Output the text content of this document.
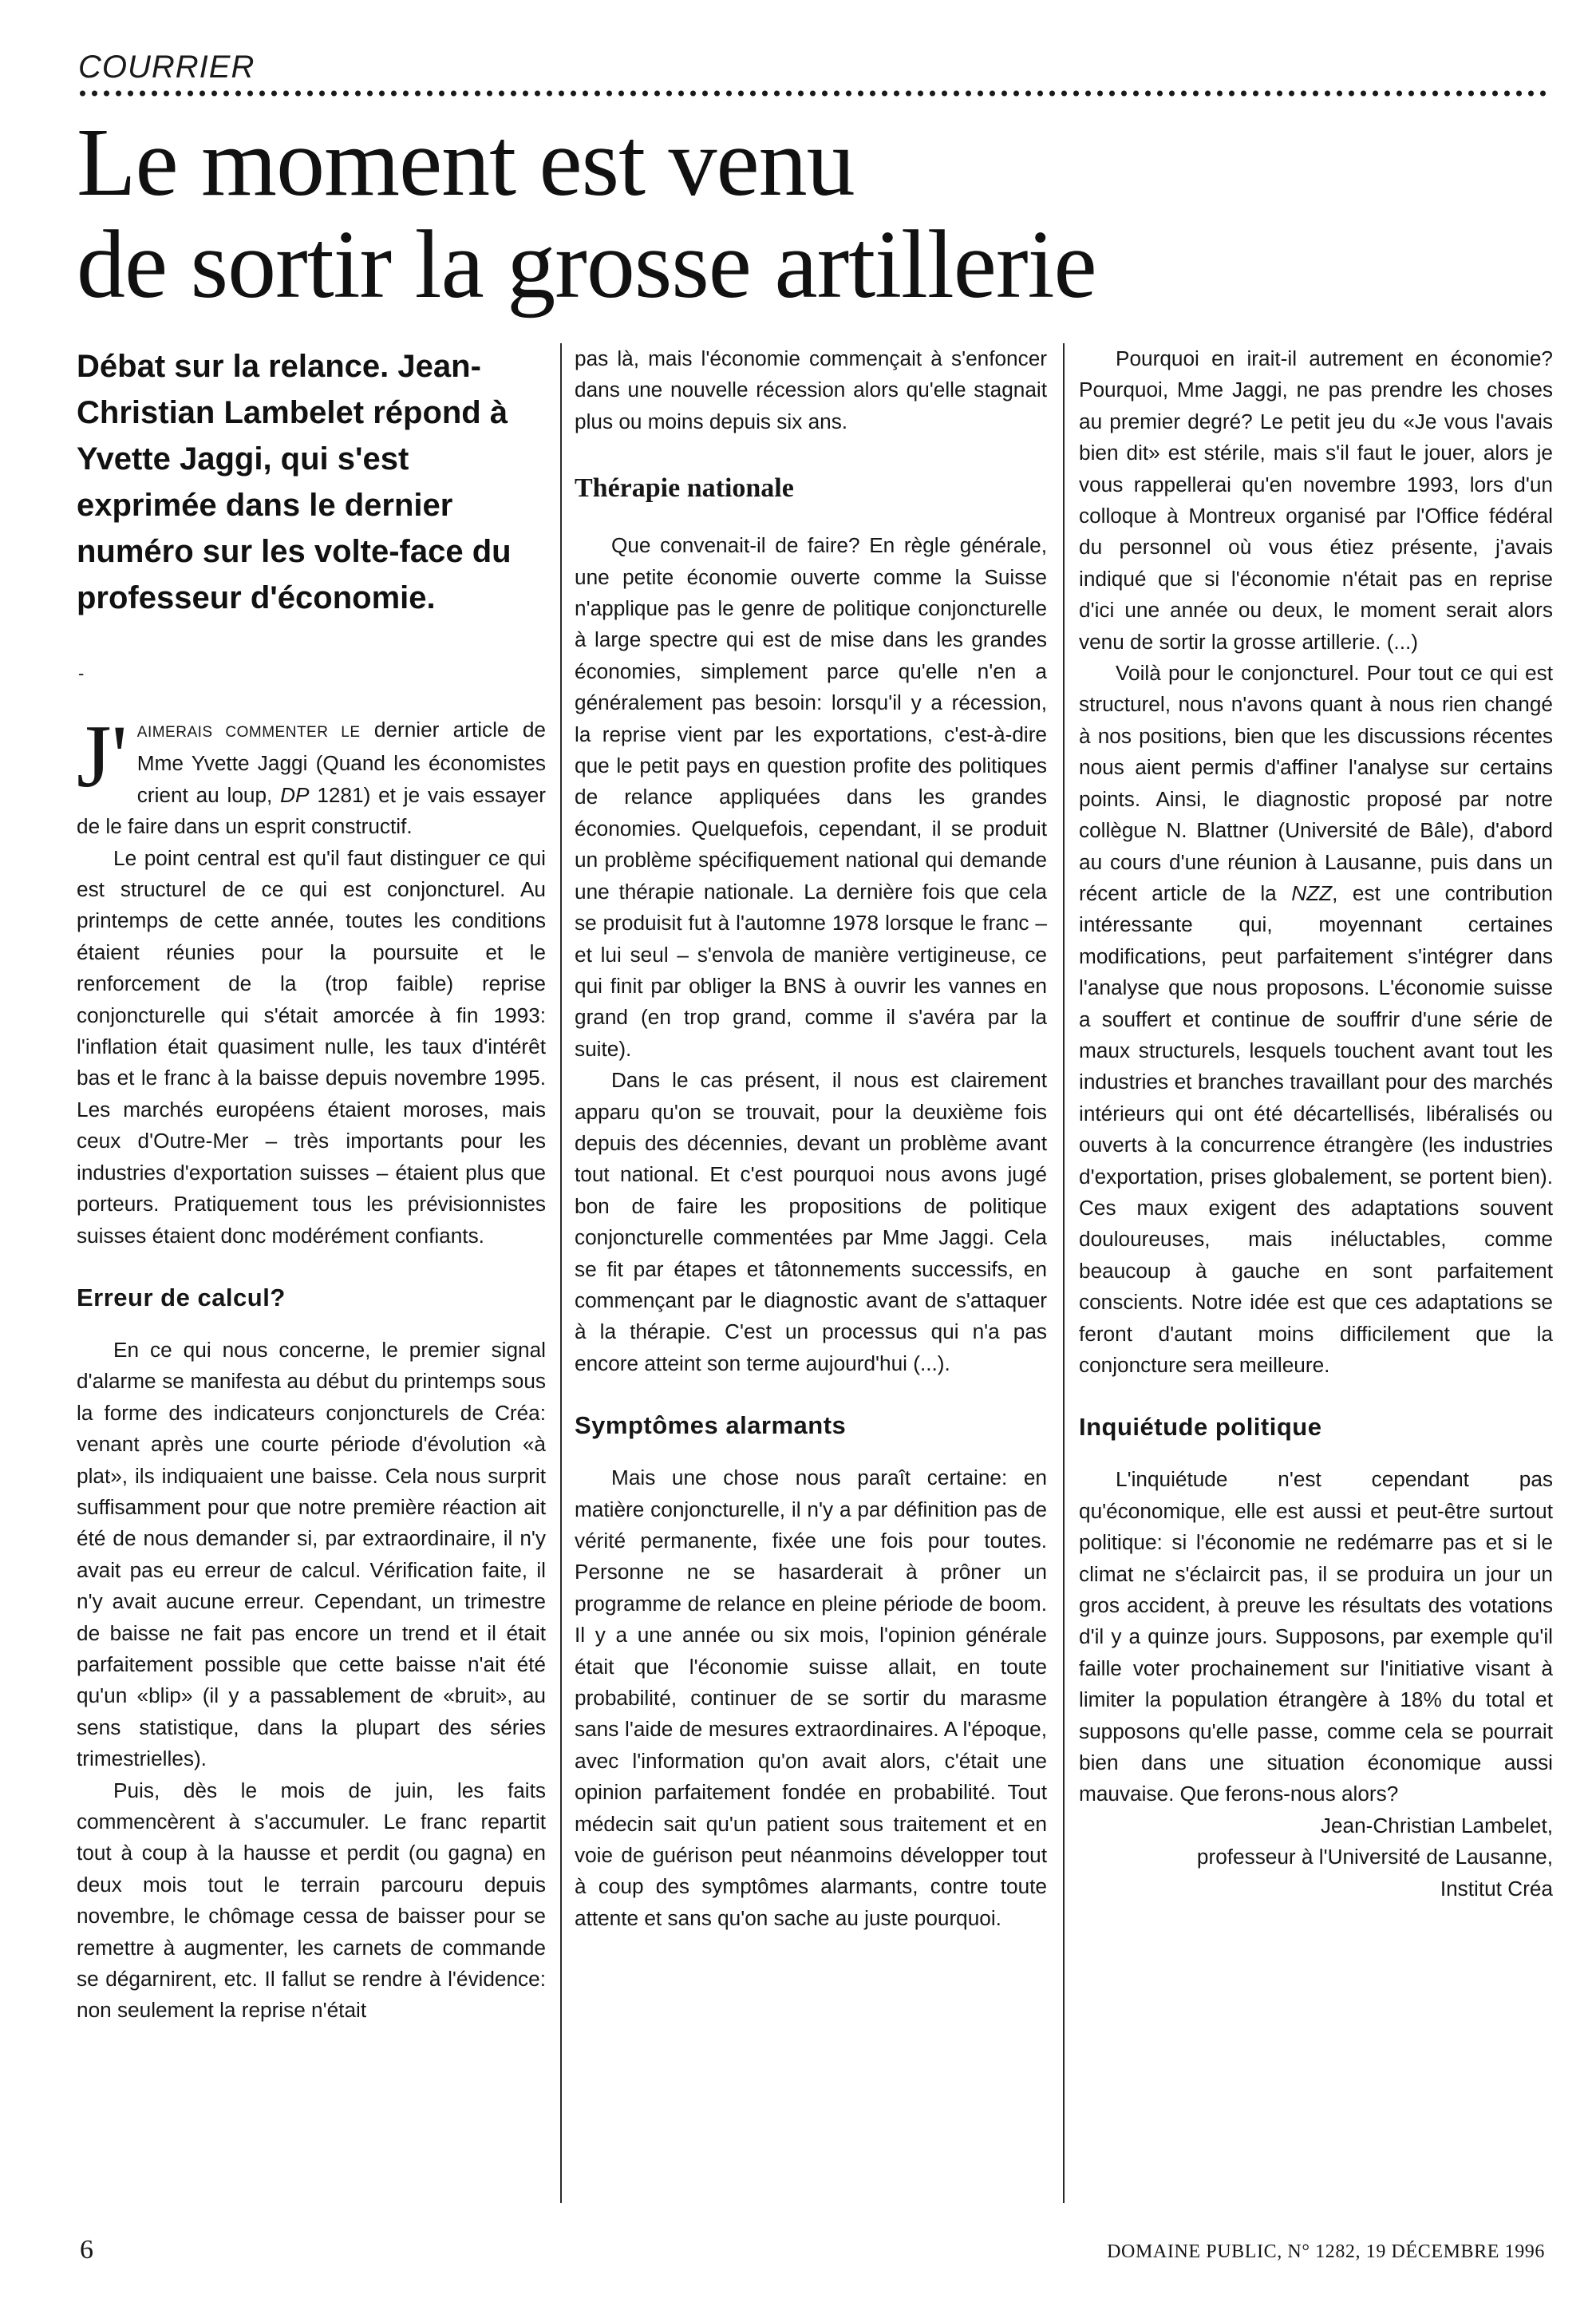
COURRIER
Le moment est venu
de sortir la grosse artillerie

Débat sur la relance. Jean-Christian Lambelet répond à Yvette Jaggi, qui s'est exprimée dans le dernier numéro sur les volte-face du professeur d'économie.

-

J' AIMERAIS COMMENTER LE dernier article de Mme Yvette Jaggi (Quand les économistes crient au loup, DP 1281) et je vais essayer de le faire dans un esprit constructif.

Le point central est qu'il faut distinguer ce qui est structurel de ce qui est conjoncturel. Au printemps de cette année, toutes les conditions étaient réunies pour la poursuite et le renforcement de la (trop faible) reprise conjoncturelle qui s'était amorcée à fin 1993: l'inflation était quasiment nulle, les taux d'intérêt bas et le franc à la baisse depuis novembre 1995. Les marchés européens étaient moroses, mais ceux d'Outre-Mer – très importants pour les industries d'exportation suisses – étaient plus que porteurs. Pratiquement tous les prévisionnistes suisses étaient donc modérément confiants.

Erreur de calcul?

En ce qui nous concerne, le premier signal d'alarme se manifesta au début du printemps sous la forme des indicateurs conjoncturels de Créa: venant après une courte période d'évolution «à plat», ils indiquaient une baisse. Cela nous surprit suffisamment pour que notre première réaction ait été de nous demander si, par extraordinaire, il n'y avait pas eu erreur de calcul. Vérification faite, il n'y avait aucune erreur. Cependant, un trimestre de baisse ne fait pas encore un trend et il était parfaitement possible que cette baisse n'ait été qu'un «blip» (il y a passablement de «bruit», au sens statistique, dans la plupart des séries trimestrielles).

Puis, dès le mois de juin, les faits commencèrent à s'accumuler. Le franc repartit tout à coup à la hausse et perdit (ou gagna) en deux mois tout le terrain parcouru depuis novembre, le chômage cessa de baisser pour se remettre à augmenter, les carnets de commande se dégarnirent, etc. Il fallut se rendre à l'évidence: non seulement la reprise n'était

pas là, mais l'économie commençait à s'enfoncer dans une nouvelle récession alors qu'elle stagnait plus ou moins depuis six ans.

Thérapie nationale

Que convenait-il de faire? En règle générale, une petite économie ouverte comme la Suisse n'applique pas le genre de politique conjoncturelle à large spectre qui est de mise dans les grandes économies, simplement parce qu'elle n'en a généralement pas besoin: lorsqu'il y a récession, la reprise vient par les exportations, c'est-à-dire que le petit pays en question profite des politiques de relance appliquées dans les grandes économies. Quelquefois, cependant, il se produit un problème spécifiquement national qui demande une thérapie nationale. La dernière fois que cela se produisit fut à l'automne 1978 lorsque le franc – et lui seul – s'envola de manière vertigineuse, ce qui finit par obliger la BNS à ouvrir les vannes en grand (en trop grand, comme il s'avéra par la suite).

Dans le cas présent, il nous est clairement apparu qu'on se trouvait, pour la deuxième fois depuis des décennies, devant un problème avant tout national. Et c'est pourquoi nous avons jugé bon de faire les propositions de politique conjoncturelle commentées par Mme Jaggi. Cela se fit par étapes et tâtonnements successifs, en commençant par le diagnostic avant de s'attaquer à la thérapie. C'est un processus qui n'a pas encore atteint son terme aujourd'hui (...).

Symptômes alarmants

Mais une chose nous paraît certaine: en matière conjoncturelle, il n'y a par définition pas de vérité permanente, fixée une fois pour toutes. Personne ne se hasarderait à prôner un programme de relance en pleine période de boom. Il y a une année ou six mois, l'opinion générale était que l'économie suisse allait, en toute probabilité, continuer de se sortir du marasme sans l'aide de mesures extraordinaires. A l'époque, avec l'information qu'on avait alors, c'était une opinion parfaitement fondée en probabilité. Tout médecin sait qu'un patient sous traitement et en voie de guérison peut néanmoins développer tout à coup des symptômes alarmants, contre toute attente et sans qu'on sache au juste pourquoi.

Pourquoi en irait-il autrement en économie? Pourquoi, Mme Jaggi, ne pas prendre les choses au premier degré? Le petit jeu du «Je vous l'avais bien dit» est stérile, mais s'il faut le jouer, alors je vous rappellerai qu'en novembre 1993, lors d'un colloque à Montreux organisé par l'Office fédéral du personnel où vous étiez présente, j'avais indiqué que si l'économie n'était pas en reprise d'ici une année ou deux, le moment serait alors venu de sortir la grosse artillerie. (...)

Voilà pour le conjoncturel. Pour tout ce qui est structurel, nous n'avons quant à nous rien changé à nos positions, bien que les discussions récentes nous aient permis d'affiner l'analyse sur certains points. Ainsi, le diagnostic proposé par notre collègue N. Blattner (Université de Bâle), d'abord au cours d'une réunion à Lausanne, puis dans un récent article de la NZZ, est une contribution intéressante qui, moyennant certaines modifications, peut parfaitement s'intégrer dans l'analyse que nous proposons. L'économie suisse a souffert et continue de souffrir d'une série de maux structurels, lesquels touchent avant tout les industries et branches travaillant pour des marchés intérieurs qui ont été décartellisés, libéralisés ou ouverts à la concurrence étrangère (les industries d'exportation, prises globalement, se portent bien). Ces maux exigent des adaptations souvent douloureuses, mais inéluctables, comme beaucoup à gauche en sont parfaitement conscients. Notre idée est que ces adaptations se feront d'autant moins difficilement que la conjoncture sera meilleure.

Inquiétude politique

L'inquiétude n'est cependant pas qu'économique, elle est aussi et peut-être surtout politique: si l'économie ne redémarre pas et si le climat ne s'éclaircit pas, il se produira un jour un gros accident, à preuve les résultats des votations d'il y a quinze jours. Supposons, par exemple qu'il faille voter prochainement sur l'initiative visant à limiter la population étrangère à 18% du total et supposons qu'elle passe, comme cela se pourrait bien dans une situation économique aussi mauvaise. Que ferons-nous alors?

Jean-Christian Lambelet,

professeur à l'Université de Lausanne,

Institut Créa

6	DOMAINE PUBLIC, N° 1282, 19 DÉCEMBRE 1996
